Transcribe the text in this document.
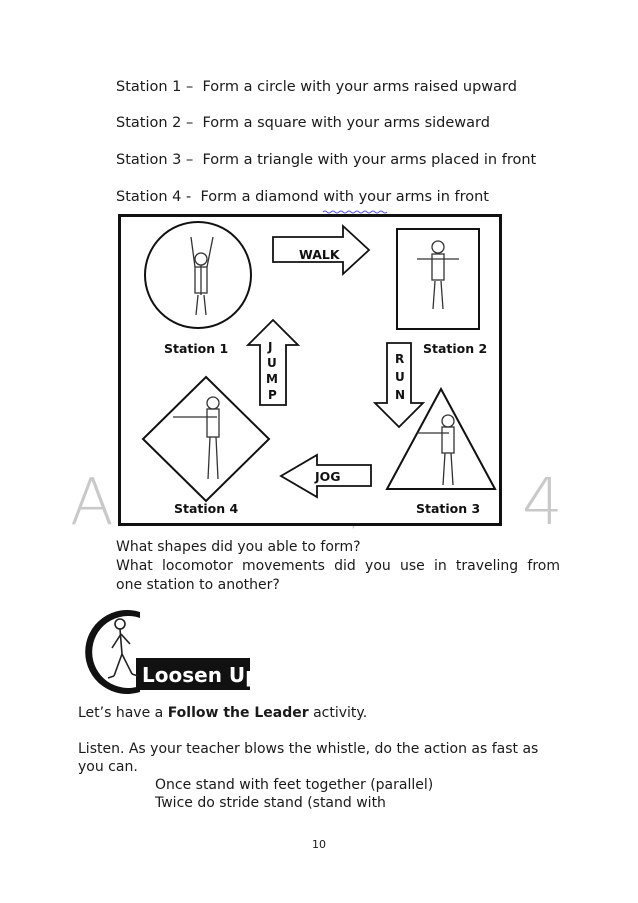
Station 1 – Form a circle with your arms raised upward
Station 2 – Form a square with your arms sideward
Station 3 – Form a triangle with your arms placed in front
Station 4 - Form a diamond with your arms in front
A	4
Station 1	Station 2
Station 3
Station 4
WALK
JOG
J
U
M
P
R
U
N
What shapes did you able to form?
What locomotor movements did you use in traveling from
one station to another?
Loosen Up!
Let’s have a Follow the Leader activity.
Listen. As your teacher blows the whistle, do the action as fast as
you can.
Once stand with feet together (parallel)
Twice do stride stand (stand with
10
